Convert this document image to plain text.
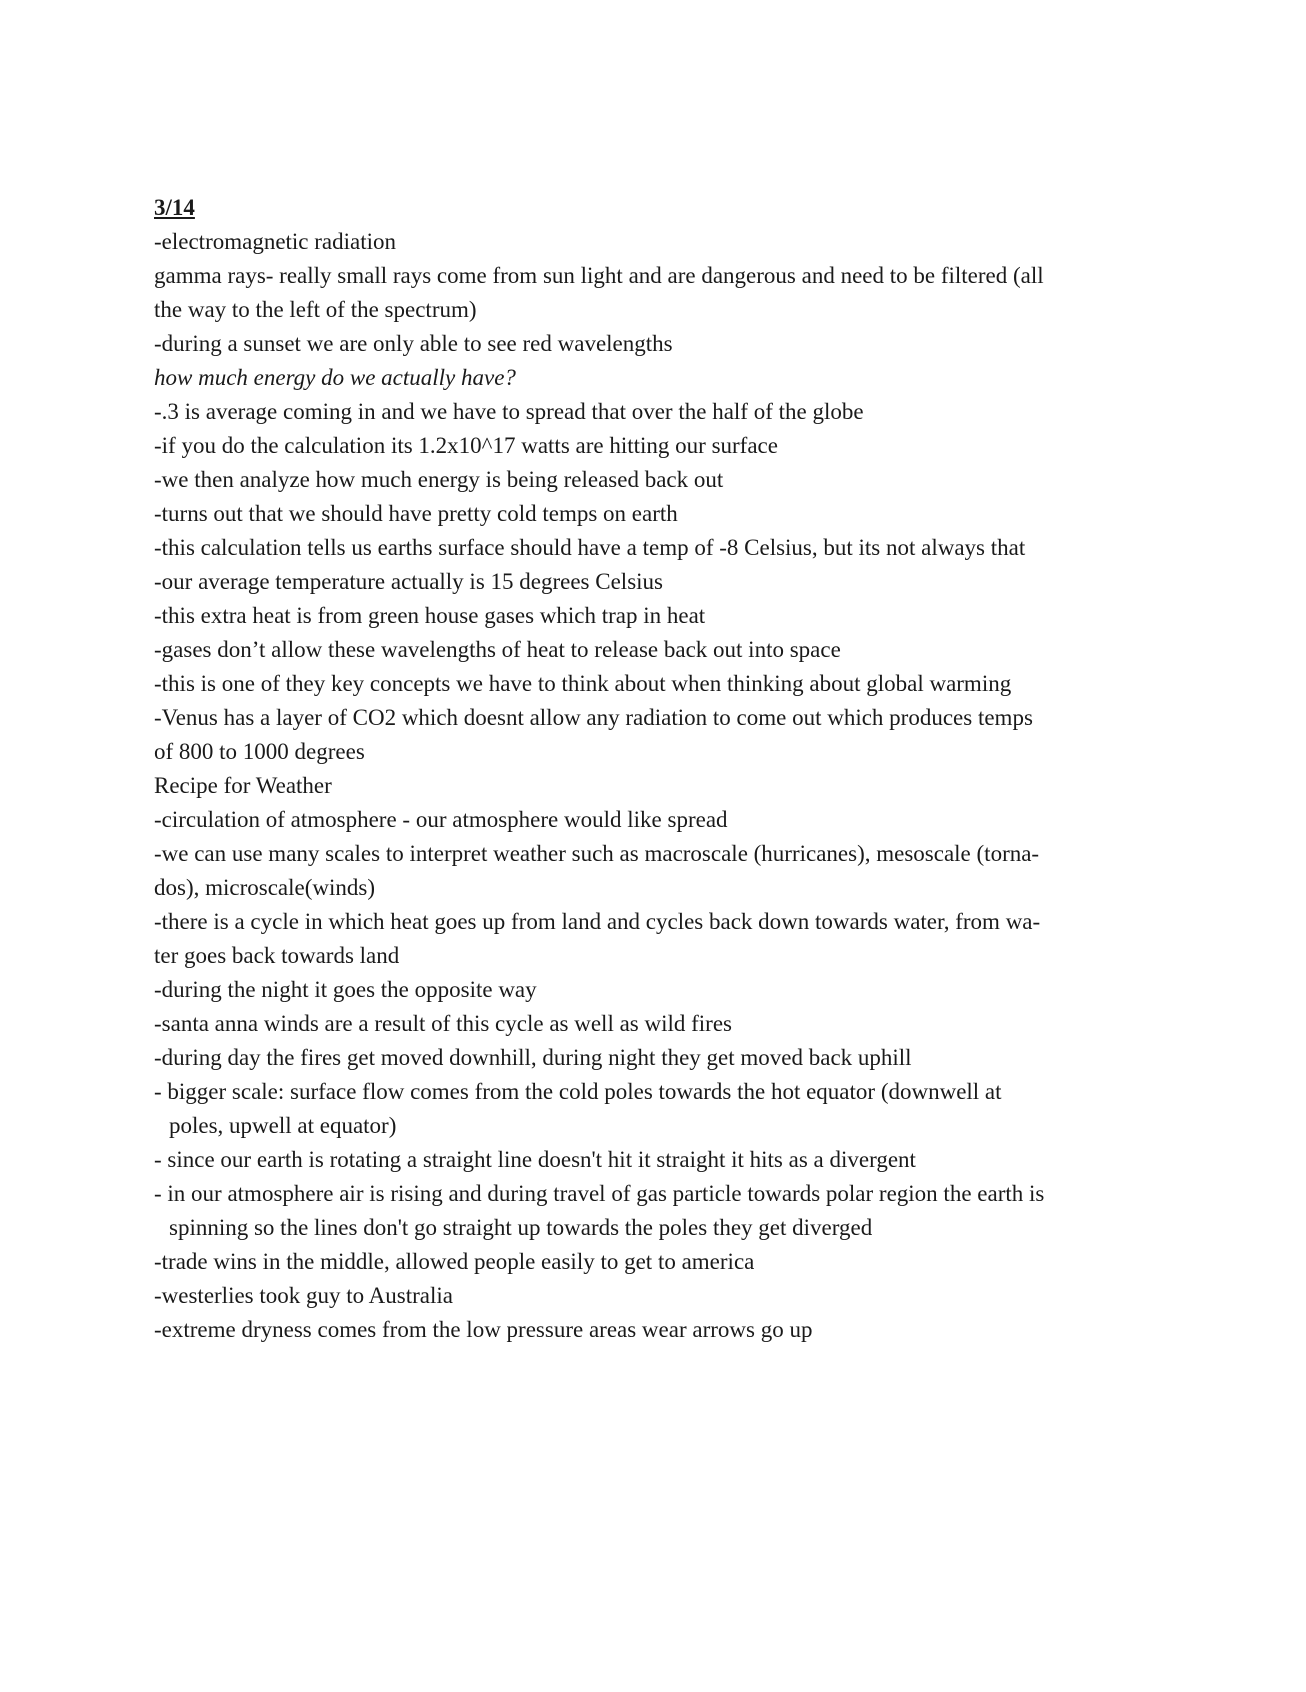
3/14

-electromagnetic radiation

gamma rays- really small rays come from sun light and are dangerous and need to be filtered (all

the way to the left of the spectrum)

-during a sunset we are only able to see red wavelengths

how much energy do we actually have?

-.3 is average coming in and we have to spread that over the half of the globe

-if you do the calculation its 1.2x10^17 watts are hitting our surface

-we then analyze how much energy is being released back out

-turns out that we should have pretty cold temps on earth

-this calculation tells us earths surface should have a temp of -8 Celsius, but its not always that

-our average temperature actually is 15 degrees Celsius

-this extra heat is from green house gases which trap in heat

-gases don’t allow these wavelengths of heat to release back out into space

-this is one of they key concepts we have to think about when thinking about global warming

-Venus has a layer of CO2 which doesnt allow any radiation to come out which produces temps

of 800 to 1000 degrees

Recipe for Weather

-circulation of atmosphere - our atmosphere would like spread

-we can use many scales to interpret weather such as macroscale (hurricanes), mesoscale (torna-

dos), microscale(winds)

-there is a cycle in which heat goes up from land and cycles back down towards water, from wa-

ter goes back towards land

-during the night it goes the opposite way

-santa anna winds are a result of this cycle as well as wild fires

-during day the fires get moved downhill, during night they get moved back uphill

- bigger scale: surface flow comes from the cold poles towards the hot equator (downwell at

poles, upwell at equator)

- since our earth is rotating a straight line doesn't hit it straight it hits as a divergent

- in our atmosphere air is rising and during travel of gas particle towards polar region the earth is

spinning so the lines don't go straight up towards the poles they get diverged

-trade wins in the middle, allowed people easily to get to america

-westerlies took guy to Australia

-extreme dryness comes from the low pressure areas wear arrows go up
